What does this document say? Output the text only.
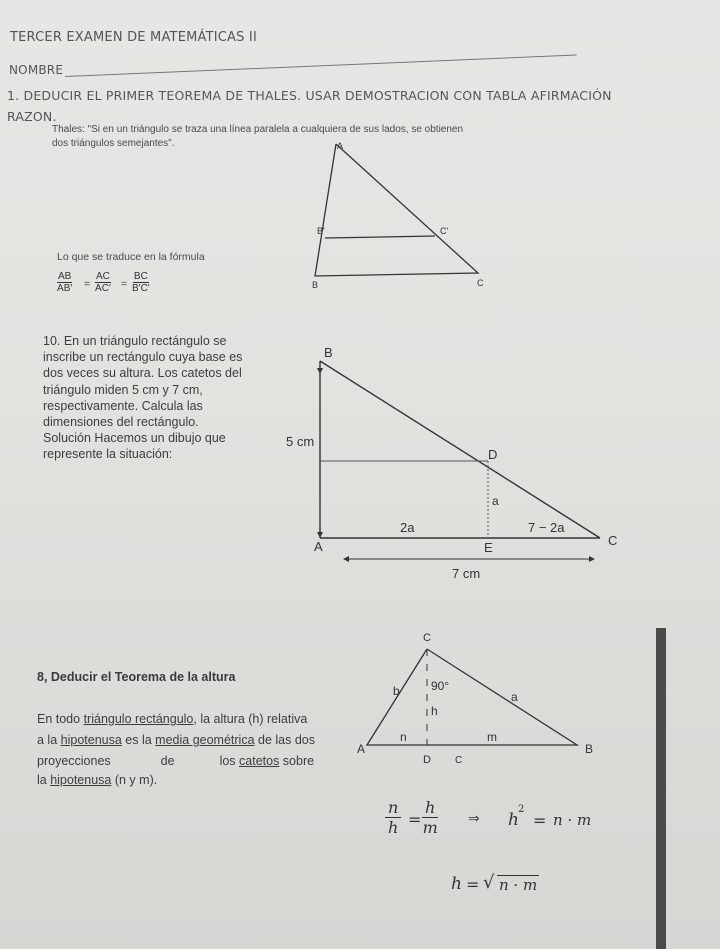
TERCER EXAMEN DE MATEMÁTICAS II
NOMBRE
1. DEDUCIR EL PRIMER TEOREMA DE THALES. USAR DEMOSTRACION CON TABLA AFIRMACIÓN
RAZON.
Thales: "Si en un triángulo se traza una línea paralela a cualquiera de sus lados, se obtienen
dos triángulos semejantes".
Lo que se traduce en la fórmula
$\frac{AB}{AB'} = \frac{AC}{AC'} = \frac{BC}{B'C'}$
A
B'	C'
B	C
10. En un triángulo rectángulo se
inscribe un rectángulo cuya base es
dos veces su altura. Los catetos del
triángulo miden 5 cm y 7 cm,
respectivamente. Calcula las
dimensiones del rectángulo.
Solución Hacemos un dibujo que
represente la situación:
B
D
5 cm
a
2a	7 − 2a
A	E	C
7 cm
8, Deducir el Teorema de la altura
En todo triángulo rectángulo, la altura (h) relativa
a la hipotenusa es la media geométrica de las dos
proyecciones	de	los catetos sobre
la hipotenusa (n y m).
C
90°
b	a
h
n	m
A	B
D C
$\frac{n}{h} = \frac{h}{m}$ ⇒ h
2
= n · m
h = √ n · m
